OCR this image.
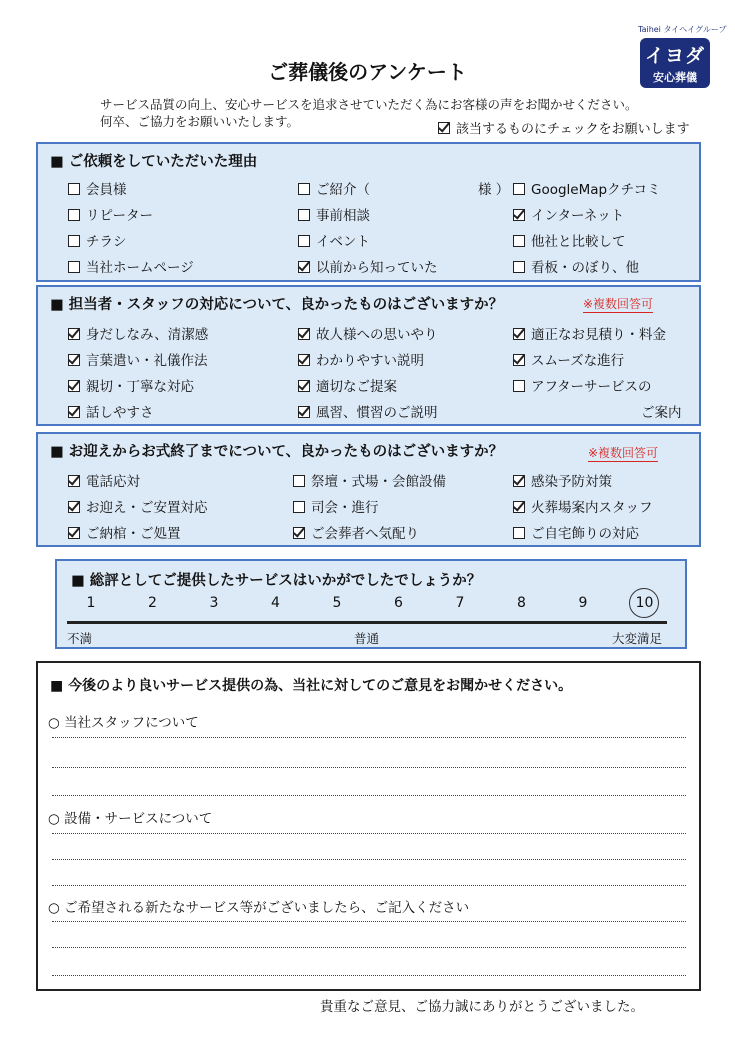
Taihei タイヘイグループ
イヨダ
安心葬儀
ご葬儀後のアンケート
サービス品質の向上、安心サービスを追求させていただく為にお客様の声をお聞かせください。
何卒、ご協力をお願いいたします。
該当するものにチェックをお願いします
■ ご依頼をしていただいた理由
会員様	ご紹介（　　　　　　　　様 ）	GoogleMapクチコミ
リピーター	事前相談	インターネット
チラシ	イベント	他社と比較して
当社ホームページ	以前から知っていた	看板・のぼり、他
■ 担当者・スタッフの対応について、良かったものはございますか？	※複数回答可
身だしなみ、清潔感	故人様への思いやり	適正なお見積り・料金
言葉遣い・礼儀作法	わかりやすい説明	スムーズな進行
親切・丁寧な対応	適切なご提案	アフターサービスの
話しやすさ	風習、慣習のご説明	ご案内
■ お迎えからお式終了までについて、良かったものはございますか？	※複数回答可
電話応対	祭壇・式場・会館設備	感染予防対策
お迎え・ご安置対応	司会・進行	火葬場案内スタッフ
ご納棺・ご処置	ご会葬者へ気配り	ご自宅飾りの対応
■ 総評としてご提供したサービスはいかがでしたでしょうか？
1	2	3	4	5	6	7	8	9	10
不満	普通	大変満足
■ 今後のより良いサービス提供の為、当社に対してのご意見をお聞かせください。
○ 当社スタッフについて
○ 設備・サービスについて
○ ご希望される新たなサービス等がございましたら、ご記入ください
貴重なご意見、ご協力誠にありがとうございました。
